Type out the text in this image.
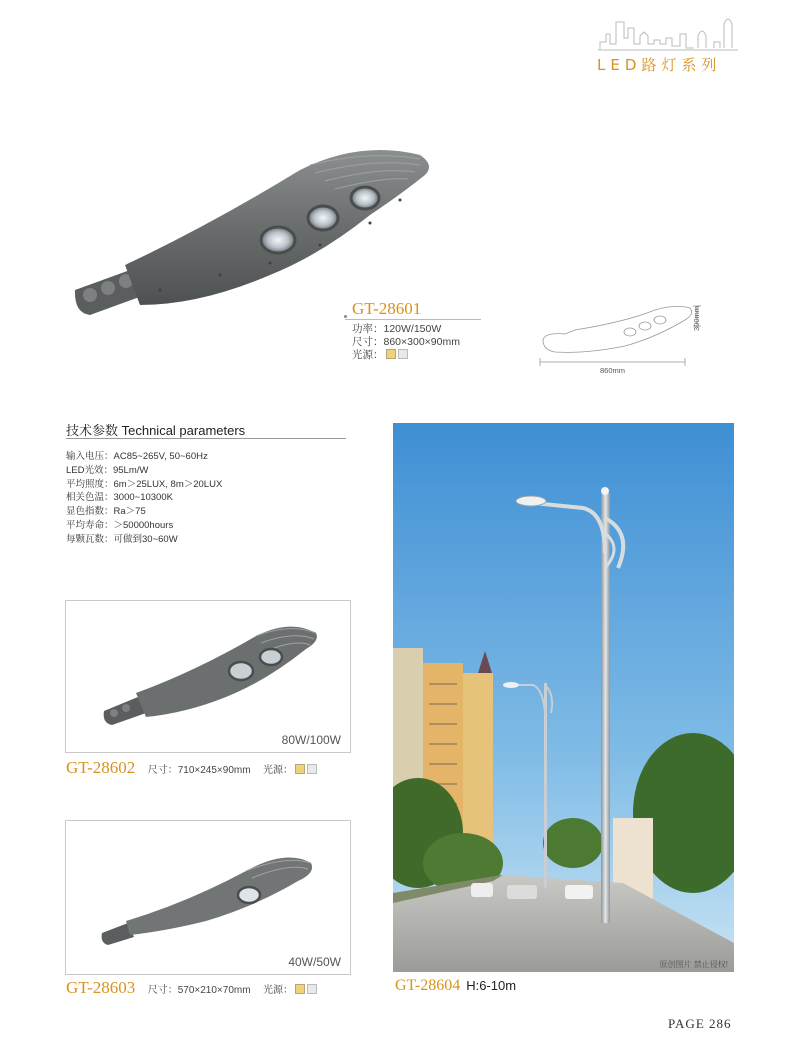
LED路灯系列
GT-28601
功率：120W/150W
尺寸：860×300×90mm
光源：
860mm
300mm
技术参数 Technical parameters
输入电压：AC85~265V, 50~60Hz
LED光效：95Lm/W
平均照度：6m＞25LUX, 8m＞20LUX
相关色温：3000~10300K
显色指数：Ra＞75
平均寿命：＞50000hours
每颗瓦数：可做到30~60W
80W/100W
GT-28602 尺寸：710×245×90mm 光源：
40W/50W
GT-28603 尺寸：570×210×70mm 光源：
原创图片 禁止侵权!
GT-28604 H:6-10m
PAGE 286
